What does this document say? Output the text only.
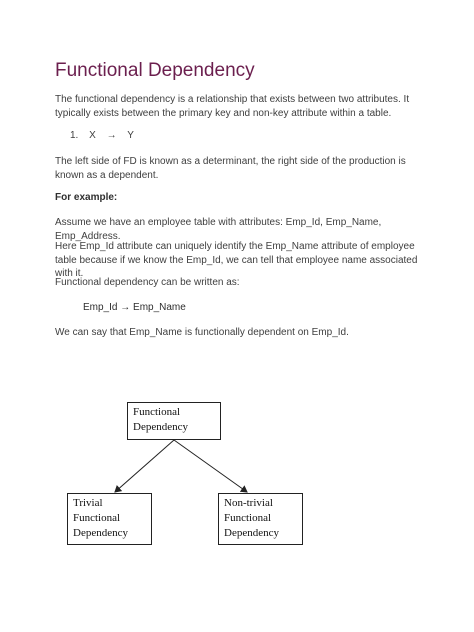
Functional Dependency
The functional dependency is a relationship that exists between two attributes. It typically exists between the primary key and non-key attribute within a table.
1. X → Y
The left side of FD is known as a determinant, the right side of the production is known as a dependent.
For example:
Assume we have an employee table with attributes: Emp_Id, Emp_Name, Emp_Address.
Here Emp_Id attribute can uniquely identify the Emp_Name attribute of employee table because if we know the Emp_Id, we can tell that employee name associated with it.
Functional dependency can be written as:
Emp_Id → Emp_Name
We can say that Emp_Name is functionally dependent on Emp_Id.
Functional
Dependency
Trivial
Functional
Dependency
Non-trivial
Functional
Dependency
